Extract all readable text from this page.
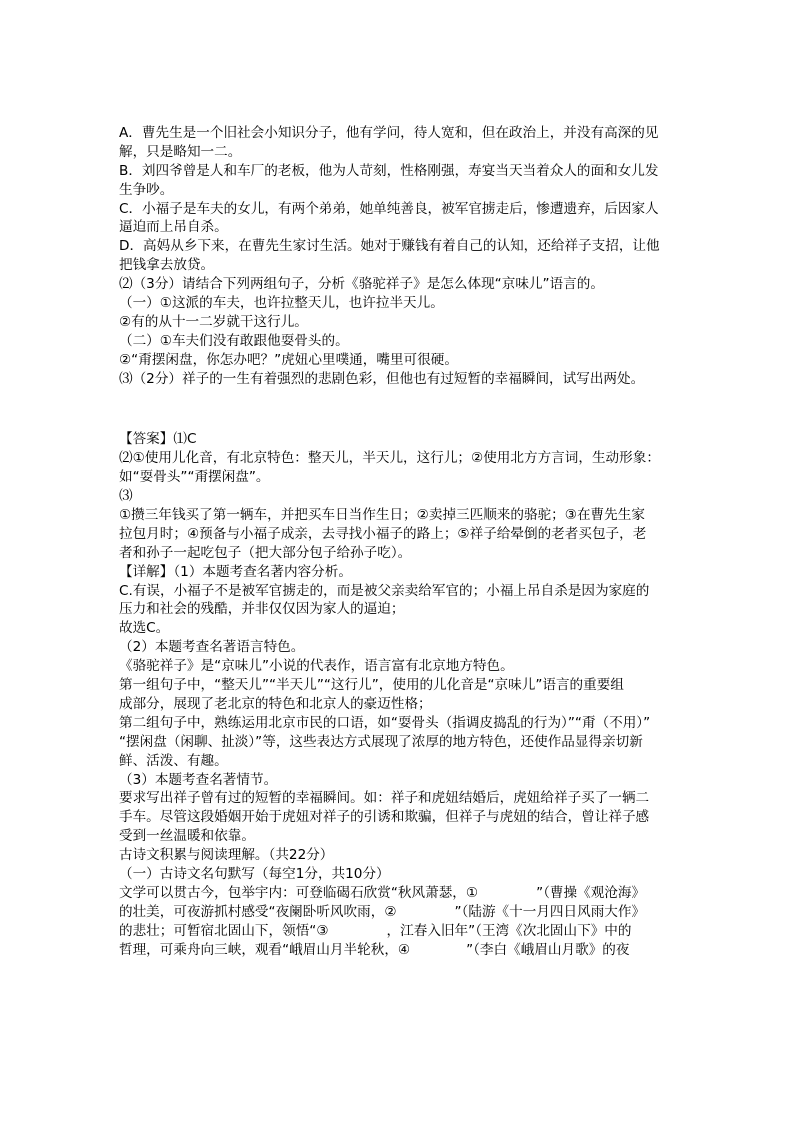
A．曹先生是一个旧社会小知识分子，他有学问，待人宽和，但在政治上，并没有高深的见
解，只是略知一二。
B．刘四爷曾是人和车厂的老板，他为人苛刻，性格刚强，寿宴当天当着众人的面和女儿发
生争吵。
C．小福子是车夫的女儿，有两个弟弟，她单纯善良，被军官掳走后，惨遭遗弃，后因家人
逼迫而上吊自杀。
D．高妈从乡下来，在曹先生家讨生活。她对于赚钱有着自己的认知，还给祥子支招，让他
把钱拿去放贷。
⑵（3分）请结合下列两组句子，分析《骆驼祥子》是怎么体现“京味儿”语言的。
（一）①这派的车夫，也许拉整天儿，也许拉半天儿。
②有的从十一二岁就干这行儿。
（二）①车夫们没有敢跟他耍骨头的。
②“甭摆闲盘，你怎办吧？”虎妞心里噗通，嘴里可很硬。
⑶（2分）祥子的一生有着强烈的悲剧色彩，但他也有过短暂的幸福瞬间，试写出两处。
【答案】⑴C
⑵①使用儿化音，有北京特色：整天儿，半天儿，这行儿；②使用北方方言词，生动形象：
如“耍骨头”“甭摆闲盘”。
⑶
①攒三年钱买了第一辆车，并把买车日当作生日；②卖掉三匹顺来的骆驼；③在曹先生家
拉包月时；④预备与小福子成亲，去寻找小福子的路上；⑤祥子给晕倒的老者买包子，老
者和孙子一起吃包子（把大部分包子给孙子吃）。
【详解】（1）本题考查名著内容分析。
C.有误，小福子不是被军官掳走的，而是被父亲卖给军官的；小福上吊自杀是因为家庭的
压力和社会的残酷，并非仅仅因为家人的逼迫；
故选C。
（2）本题考查名著语言特色。
《骆驼祥子》是“京味儿”小说的代表作，语言富有北京地方特色。
第一组句子中，“整天儿”“半天儿”“这行儿”，使用的儿化音是“京味儿”语言的重要组
成部分，展现了老北京的特色和北京人的豪迈性格；
第二组句子中，熟练运用北京市民的口语，如“耍骨头（指调皮捣乱的行为）”“甭（不用）”
“摆闲盘（闲聊、扯淡）”等，这些表达方式展现了浓厚的地方特色，还使作品显得亲切新
鲜、活泼、有趣。
（3）本题考查名著情节。
要求写出祥子曾有过的短暂的幸福瞬间。如：祥子和虎妞结婚后，虎妞给祥子买了一辆二
手车。尽管这段婚姻开始于虎妞对祥子的引诱和欺骗，但祥子与虎妞的结合，曾让祥子感
受到一丝温暖和依靠。
古诗文积累与阅读理解。（共22分）
（一）古诗文名句默写（每空1分，共10分）
文学可以贯古今，包举宇内：可登临碣石欣赏“秋风萧瑟，①	”（曹操《观沧海》
的壮美，可夜游抓村感受“夜阑卧听风吹雨，②	”（陆游《十一月四日风雨大作》
的悲壮；可暂宿北固山下，领悟“③	，江春入旧年”（王湾《次北固山下》中的
哲理，可乘舟向三峡，观看“峨眉山月半轮秋，④	”（李白《峨眉山月歌》的夜
